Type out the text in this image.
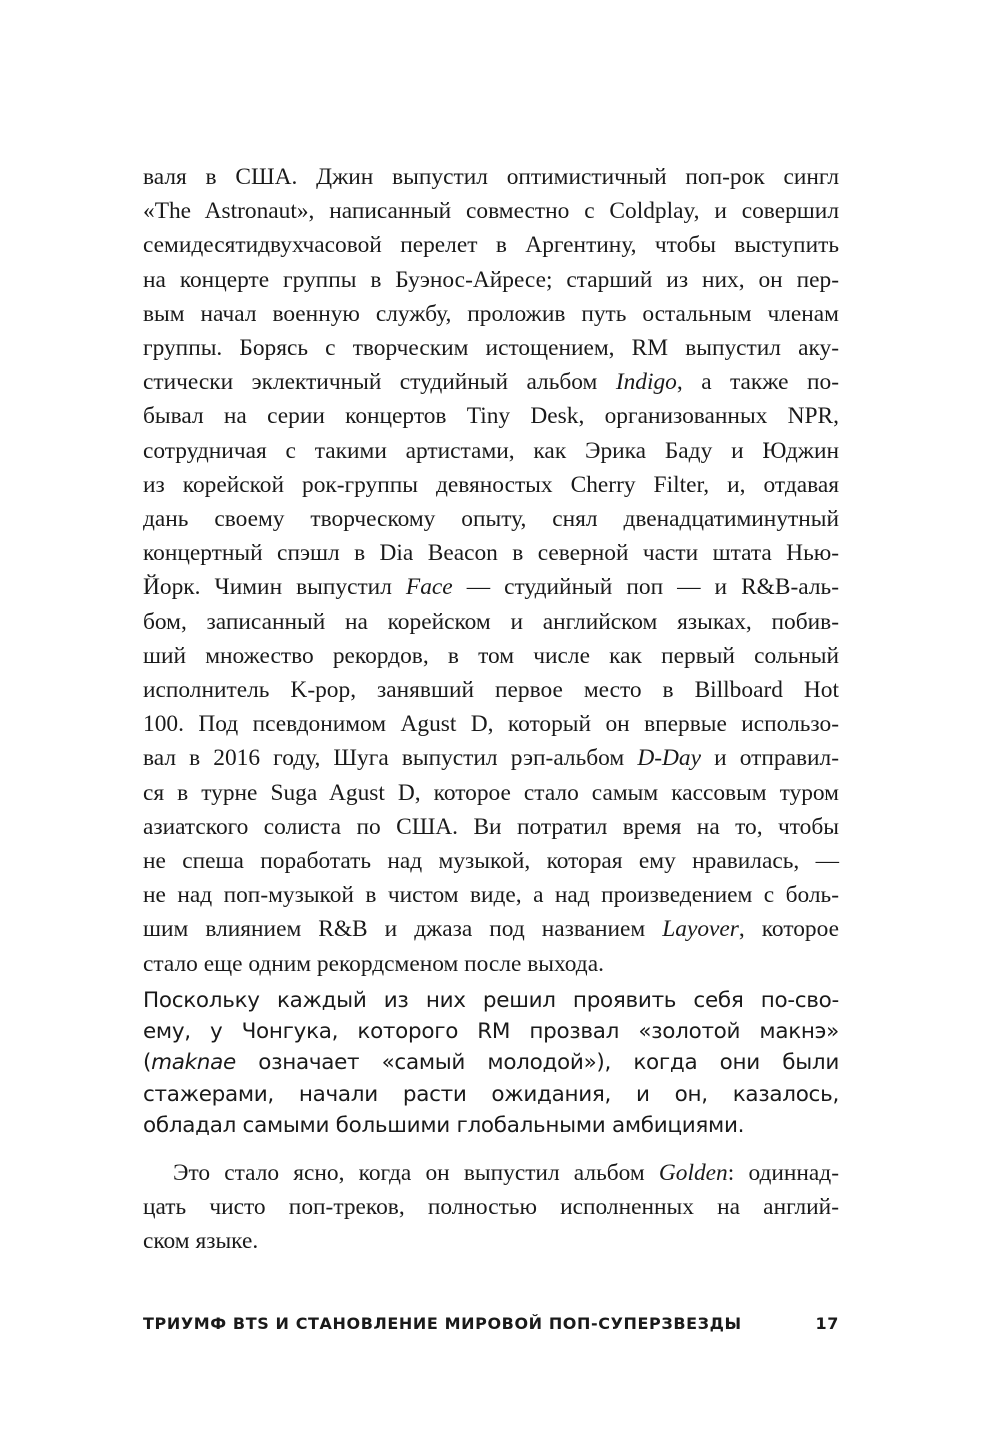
валя в США. Джин выпустил оптимистичный поп-рок сингл
«The Astronaut», написанный совместно с Coldplay, и совершил
семидесятидвухчасовой перелет в Аргентину, чтобы выступить
на концерте группы в Буэнос-Айресе; старший из них, он пер-
вым начал военную службу, проложив путь остальным членам
группы. Борясь с творческим истощением, RM выпустил аку-
стически эклектичный студийный альбом Indigo, а также по-
бывал на серии концертов Tiny Desk, организованных NPR,
сотрудничая с такими артистами, как Эрика Баду и Юджин
из корейской рок-группы девяностых Cherry Filter, и, отдавая
дань своему творческому опыту, снял двенадцатиминутный
концертный спэшл в Dia Beacon в северной части штата Нью-
Йорк. Чимин выпустил Face — студийный поп — и R&B-аль-
бом, записанный на корейском и английском языках, побив-
ший множество рекордов, в том числе как первый сольный
исполнитель K-pop, занявший первое место в Billboard Hot
100. Под псевдонимом Agust D, который он впервые использо-
вал в 2016 году, Шуга выпустил рэп-альбом D-Day и отправил-
ся в турне Suga Agust D, которое стало самым кассовым туром
азиатского солиста по США. Ви потратил время на то, чтобы
не спеша поработать над музыкой, которая ему нравилась, —
не над поп-музыкой в чистом виде, а над произведением с боль-
шим влиянием R&B и джаза под названием Layover, которое
стало еще одним рекордсменом после выхода.

Поскольку каждый из них решил проявить себя по-сво-
ему, у Чонгука, которого RM прозвал «золотой макнэ»
(maknae означает «самый молодой»), когда они были
стажерами, начали расти ожидания, и он, казалось,
обладал самыми большими глобальными амбициями.

Это стало ясно, когда он выпустил альбом Golden: одиннад-
цать чисто поп-треков, полностью исполненных на англий-
ском языке.

ТРИУМФ BTS И СТАНОВЛЕНИЕ МИРОВОЙ ПОП-СУПЕРЗВЕЗДЫ	17
